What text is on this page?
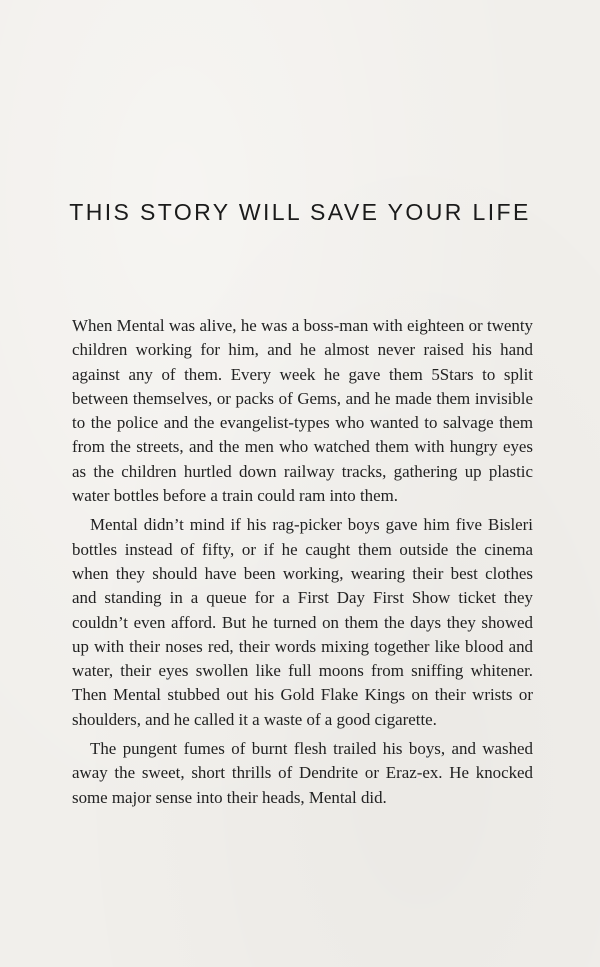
THIS STORY WILL SAVE YOUR LIFE

When Mental was alive, he was a boss-man with eighteen or twenty children working for him, and he almost never raised his hand against any of them. Every week he gave them 5Stars to split between themselves, or packs of Gems, and he made them invisible to the police and the evangelist-types who wanted to salvage them from the streets, and the men who watched them with hungry eyes as the children hurtled down railway tracks, gathering up plastic water bottles before a train could ram into them.

Mental didn’t mind if his rag-picker boys gave him five Bisleri bottles instead of fifty, or if he caught them outside the cinema when they should have been working, wearing their best clothes and standing in a queue for a First Day First Show ticket they couldn’t even afford. But he turned on them the days they showed up with their noses red, their words mixing together like blood and water, their eyes swollen like full moons from sniffing whitener. Then Mental stubbed out his Gold Flake Kings on their wrists or shoulders, and he called it a waste of a good cigarette.

The pungent fumes of burnt flesh trailed his boys, and washed away the sweet, short thrills of Dendrite or Eraz-ex. He knocked some major sense into their heads, Mental did.
